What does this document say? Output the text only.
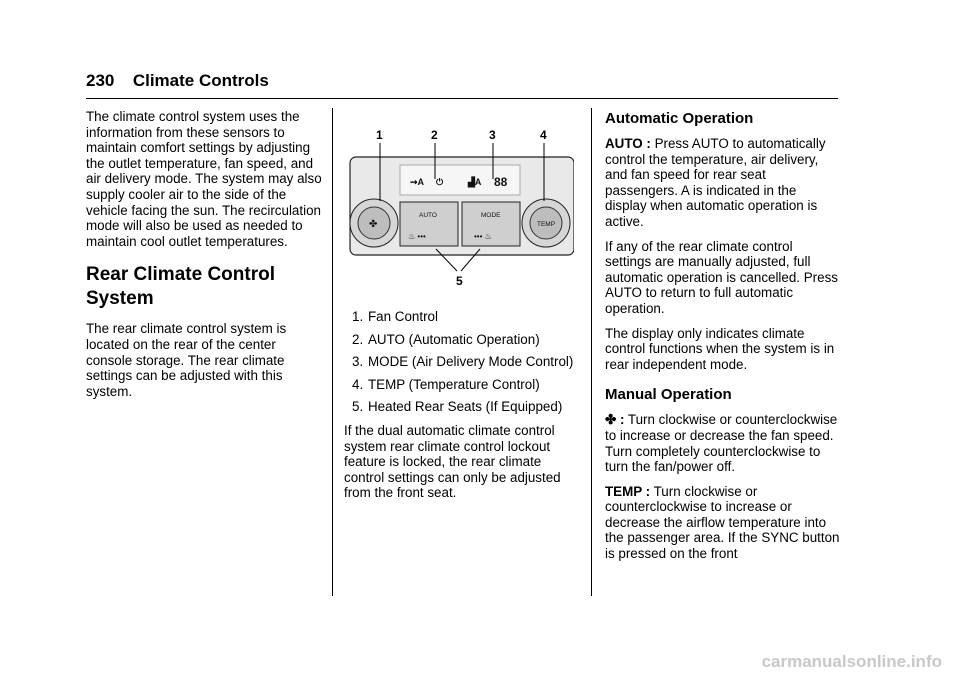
230 Climate Controls

The climate control system uses the information from these sensors to maintain comfort settings by adjusting the outlet temperature, fan speed, and air delivery mode. The system may also supply cooler air to the side of the vehicle facing the sun. The recirculation mode will also be used as needed to maintain cool outlet temperatures.

Rear Climate Control System

The rear climate control system is located on the rear of the center console storage. The rear climate settings can be adjusted with this system.

⇝A ⏻	▟A 88
✤
AUTO	MODE
♨ •••	••• ♨
TEMP
1	2	3	4
5
1. Fan Control
2. AUTO (Automatic Operation)
3. MODE (Air Delivery Mode Control)
4. TEMP (Temperature Control)
5. Heated Rear Seats (If Equipped)

If the dual automatic climate control system rear climate control lockout feature is locked, the rear climate control settings can only be adjusted from the front seat.

Automatic Operation

AUTO : Press AUTO to automatically control the temperature, air delivery, and fan speed for rear seat passengers. A is indicated in the display when automatic operation is active.

If any of the rear climate control settings are manually adjusted, full automatic operation is cancelled. Press AUTO to return to full automatic operation.

The display only indicates climate control functions when the system is in rear independent mode.

Manual Operation

✤ : Turn clockwise or counterclockwise to increase or decrease the fan speed. Turn completely counterclockwise to turn the fan/power off.

TEMP : Turn clockwise or counterclockwise to increase or decrease the airflow temperature into the passenger area. If the SYNC button is pressed on the front

carmanualsonline.info
